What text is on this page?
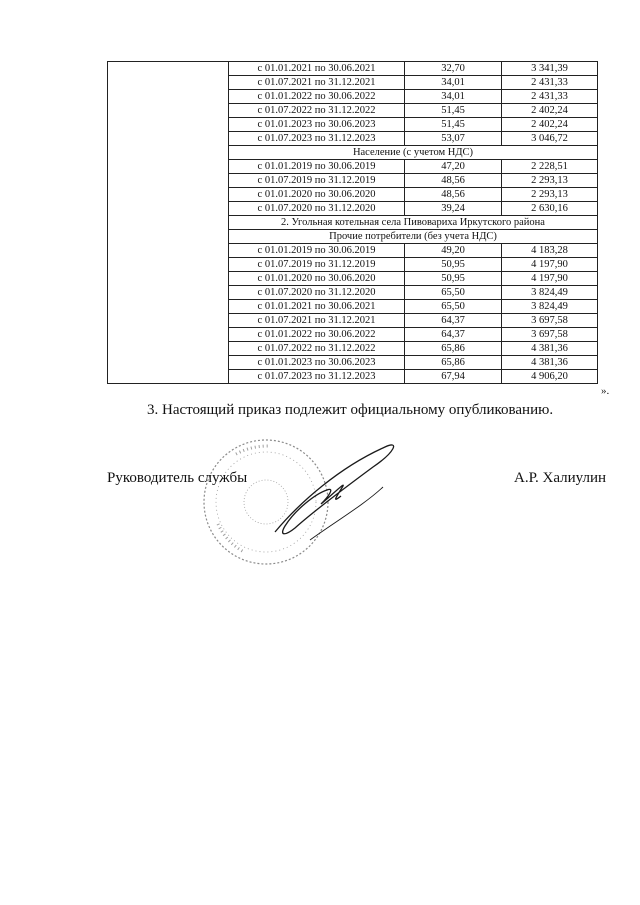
	с 01.01.2021 по 30.06.2021	32,70	3 341,39
	с 01.07.2021 по 31.12.2021	34,01	2 431,33
	с 01.01.2022 по 30.06.2022	34,01	2 431,33
	с 01.07.2022 по 31.12.2022	51,45	2 402,24
	с 01.01.2023 по 30.06.2023	51,45	2 402,24
	с 01.07.2023 по 31.12.2023	53,07	3 046,72
	Население (с учетом НДС)		
	с 01.01.2019 по 30.06.2019	47,20	2 228,51
	с 01.07.2019 по 31.12.2019	48,56	2 293,13
	с 01.01.2020 по 30.06.2020	48,56	2 293,13
	с 01.07.2020 по 31.12.2020	39,24	2 630,16
	2. Угольная котельная села Пивовариха Иркутского района		
	Прочие потребители (без учета НДС)		
	с 01.01.2019 по 30.06.2019	49,20	4 183,28
	с 01.07.2019 по 31.12.2019	50,95	4 197,90
	с 01.01.2020 по 30.06.2020	50,95	4 197,90
	с 01.07.2020 по 31.12.2020	65,50	3 824,49
	с 01.01.2021 по 30.06.2021	65,50	3 824,49
	с 01.07.2021 по 31.12.2021	64,37	3 697,58
	с 01.01.2022 по 30.06.2022	64,37	3 697,58
	с 01.07.2022 по 31.12.2022	65,86	4 381,36
	с 01.01.2023 по 30.06.2023	65,86	4 381,36
	с 01.07.2023 по 31.12.2023	67,94	4 906,20
».
3. Настоящий приказ подлежит официальному опубликованию.
Руководитель службы	А.Р. Халиулин
